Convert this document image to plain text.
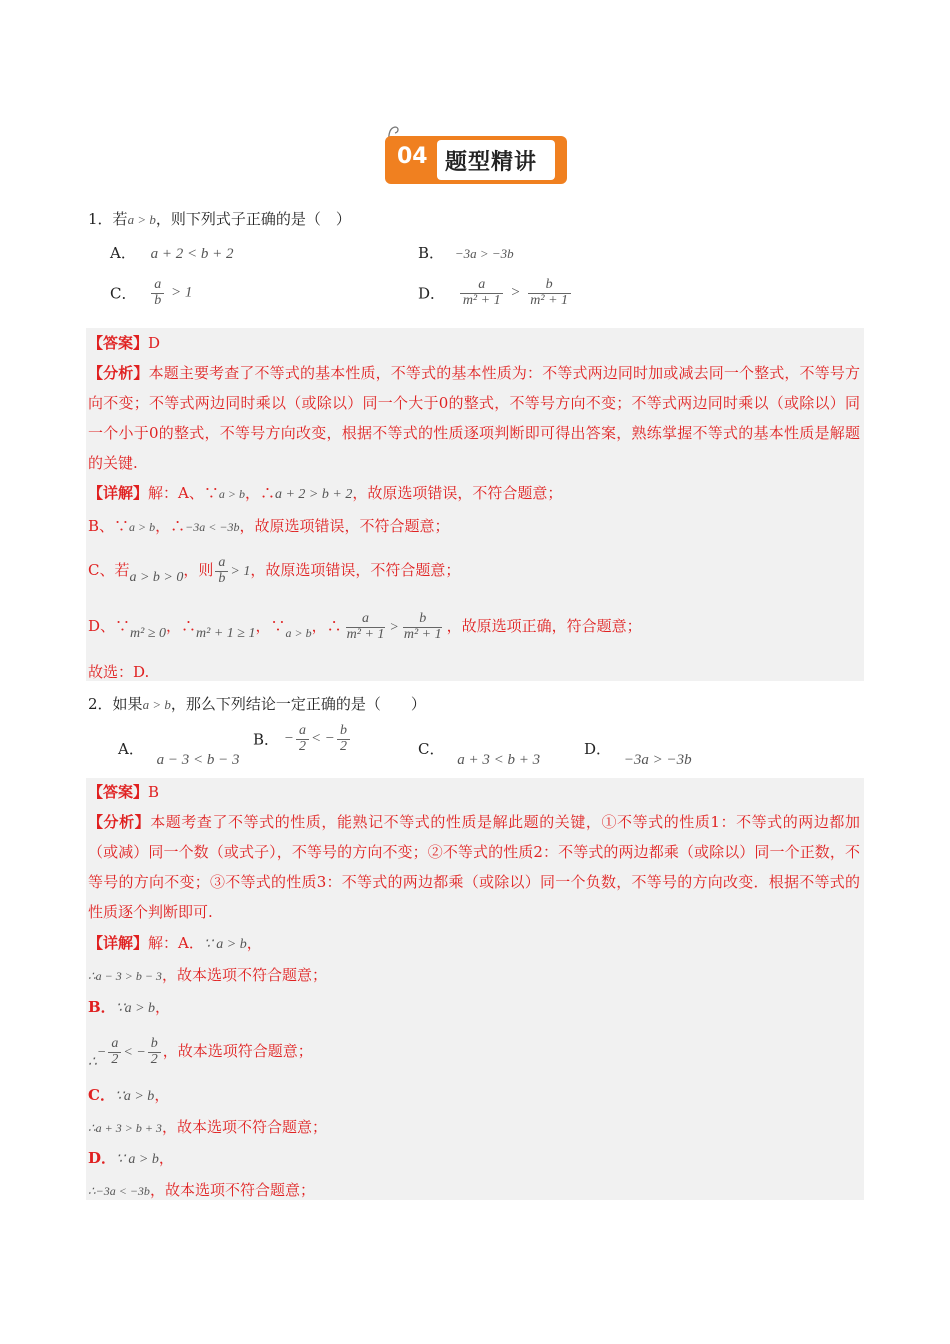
04 题型精讲
1．若a > b，则下列式子正确的是（　）
A． a + 2 < b + 2	B． −3a > −3b
C． $\frac{a}{b} > 1$	D． $\frac{a}{\text{m² + 1}} > \frac{b}{\text{m² + 1}}$
【答案】D
【分析】本题主要考查了不等式的基本性质，不等式的基本性质为：不等式两边同时加或减去同一个整式，不等号方向不变；不等式两边同时乘以（或除以）同一个大于0的整式，不等号方向不变；不等式两边同时乘以（或除以）同一个小于0的整式，不等号方向改变，根据不等式的性质逐项判断即可得出答案，熟练掌握不等式的基本性质是解题的关键.
【详解】解：A、∵a > b，∴a + 2 > b + 2，故原选项错误，不符合题意；
B、∵a > b，∴−3a < −3b，故原选项错误，不符合题意；
C、若a > b > 0，则 $\frac{a}{b} > 1$，故原选项错误，不符合题意；
D、∵m² ≥ 0，∴m² + 1 ≥ 1，$\because_{a > b}$，∴ $\frac{a}{\text{m² + 1}} > \frac{b}{\text{m² + 1}}$ ，故原选项正确，符合题意；
故选：D.
2．如果a > b，那么下列结论一定正确的是（　　）
A． a − 3 < b − 3
B． − $\frac{a}{2}$ < − $\frac{b}{2}$	C． a + 3 < b + 3
D． −3a > −3b
【答案】B
【分析】本题考查了不等式的性质，能熟记不等式的性质是解此题的关键，①不等式的性质1：不等式的两边都加（或减）同一个数（或式子），不等号的方向不变；②不等式的性质2：不等式的两边都乘（或除以）同一个正数，不等号的方向不变；③不等式的性质3：不等式的两边都乘（或除以）同一个负数，不等号的方向改变．根据不等式的性质逐个判断即可.
【详解】解：A．∵ a > b，
∴a − 3 > b − 3，故本选项不符合题意；
B．∵a > b，
∴− $\frac{a}{2}$ < − $\frac{b}{2}$ ，故本选项符合题意；
C．∵a > b，
∴a + 3 > b + 3，故本选项不符合题意；
D．∵ a > b，
∴−3a < −3b，故本选项不符合题意；
